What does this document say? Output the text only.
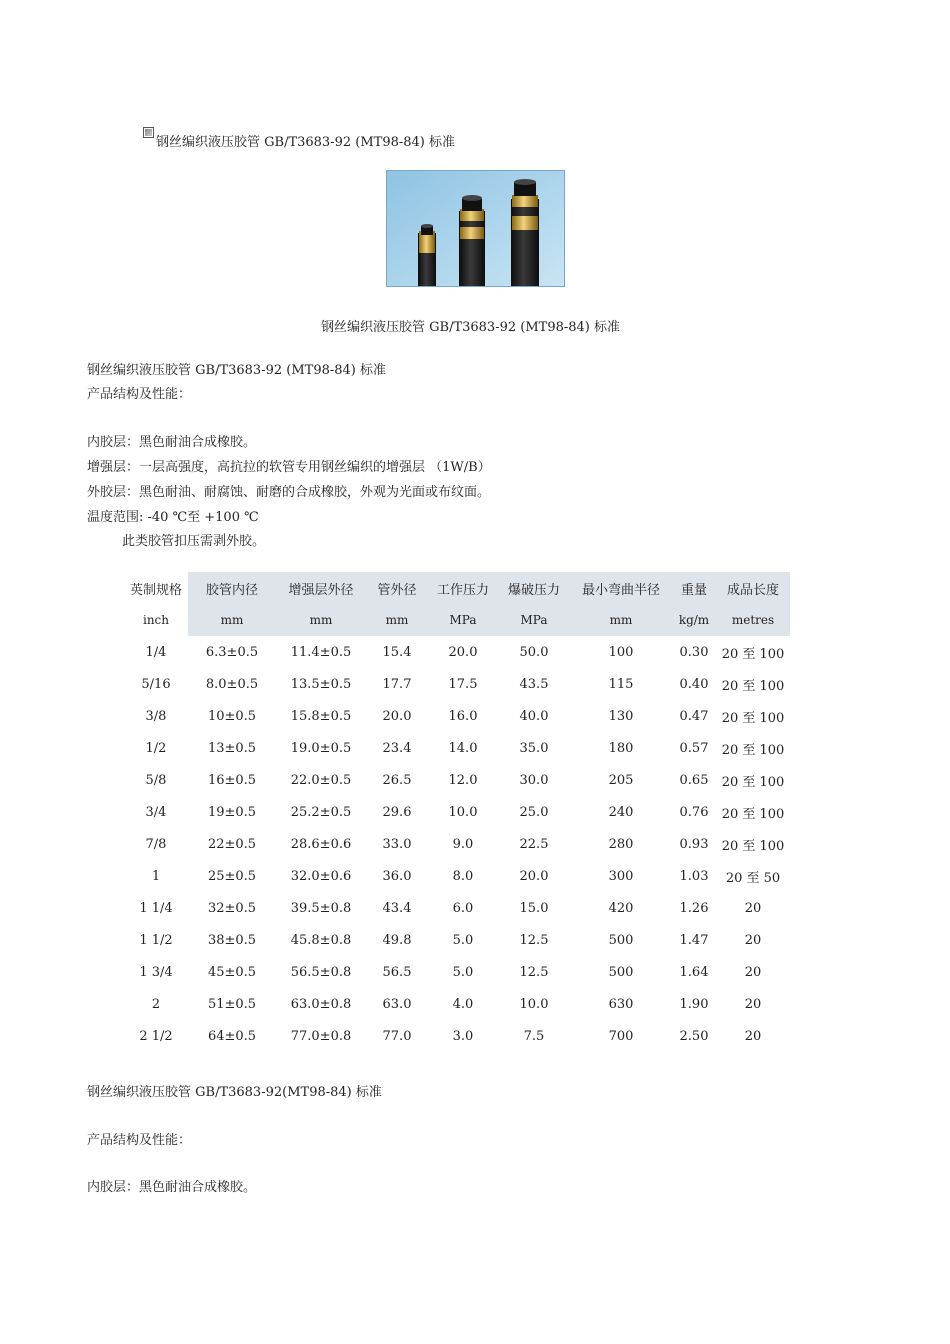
钢丝编织液压胶管 GB/T3683-92 (MT98-84) 标准
钢丝编织液压胶管 GB/T3683-92 (MT98-84) 标准
钢丝编织液压胶管 GB/T3683-92 (MT98-84) 标准
产品结构及性能：
内胶层：黑色耐油合成橡胶。
增强层：一层高强度，高抗拉的软管专用钢丝编织的增强层 （1W/B）
外胶层：黑色耐油、耐腐蚀、耐磨的合成橡胶，外观为光面或布纹面。
温度范围: -40 ℃至 +100 ℃
此类胶管扣压需剥外胶。
英制规格	胶管内径	增强层外径	管外径	工作压力	爆破压力	最小弯曲半径	重量	成品长度
inch	mm	mm	mm	MPa	MPa	mm	kg/m	metres
1/4	6.3±0.5	11.4±0.5	15.4	20.0	50.0	100	0.30	20 至 100
5/16	8.0±0.5	13.5±0.5	17.7	17.5	43.5	115	0.40	20 至 100
3/8	10±0.5	15.8±0.5	20.0	16.0	40.0	130	0.47	20 至 100
1/2	13±0.5	19.0±0.5	23.4	14.0	35.0	180	0.57	20 至 100
5/8	16±0.5	22.0±0.5	26.5	12.0	30.0	205	0.65	20 至 100
3/4	19±0.5	25.2±0.5	29.6	10.0	25.0	240	0.76	20 至 100
7/8	22±0.5	28.6±0.6	33.0	9.0	22.5	280	0.93	20 至 100
1	25±0.5	32.0±0.6	36.0	8.0	20.0	300	1.03	20 至 50
1 1/4	32±0.5	39.5±0.8	43.4	6.0	15.0	420	1.26	20
1 1/2	38±0.5	45.8±0.8	49.8	5.0	12.5	500	1.47	20
1 3/4	45±0.5	56.5±0.8	56.5	5.0	12.5	500	1.64	20
2	51±0.5	63.0±0.8	63.0	4.0	10.0	630	1.90	20
2 1/2	64±0.5	77.0±0.8	77.0	3.0	7.5	700	2.50	20
钢丝编织液压胶管 GB/T3683-92(MT98-84) 标准
产品结构及性能：
内胶层：黑色耐油合成橡胶。
